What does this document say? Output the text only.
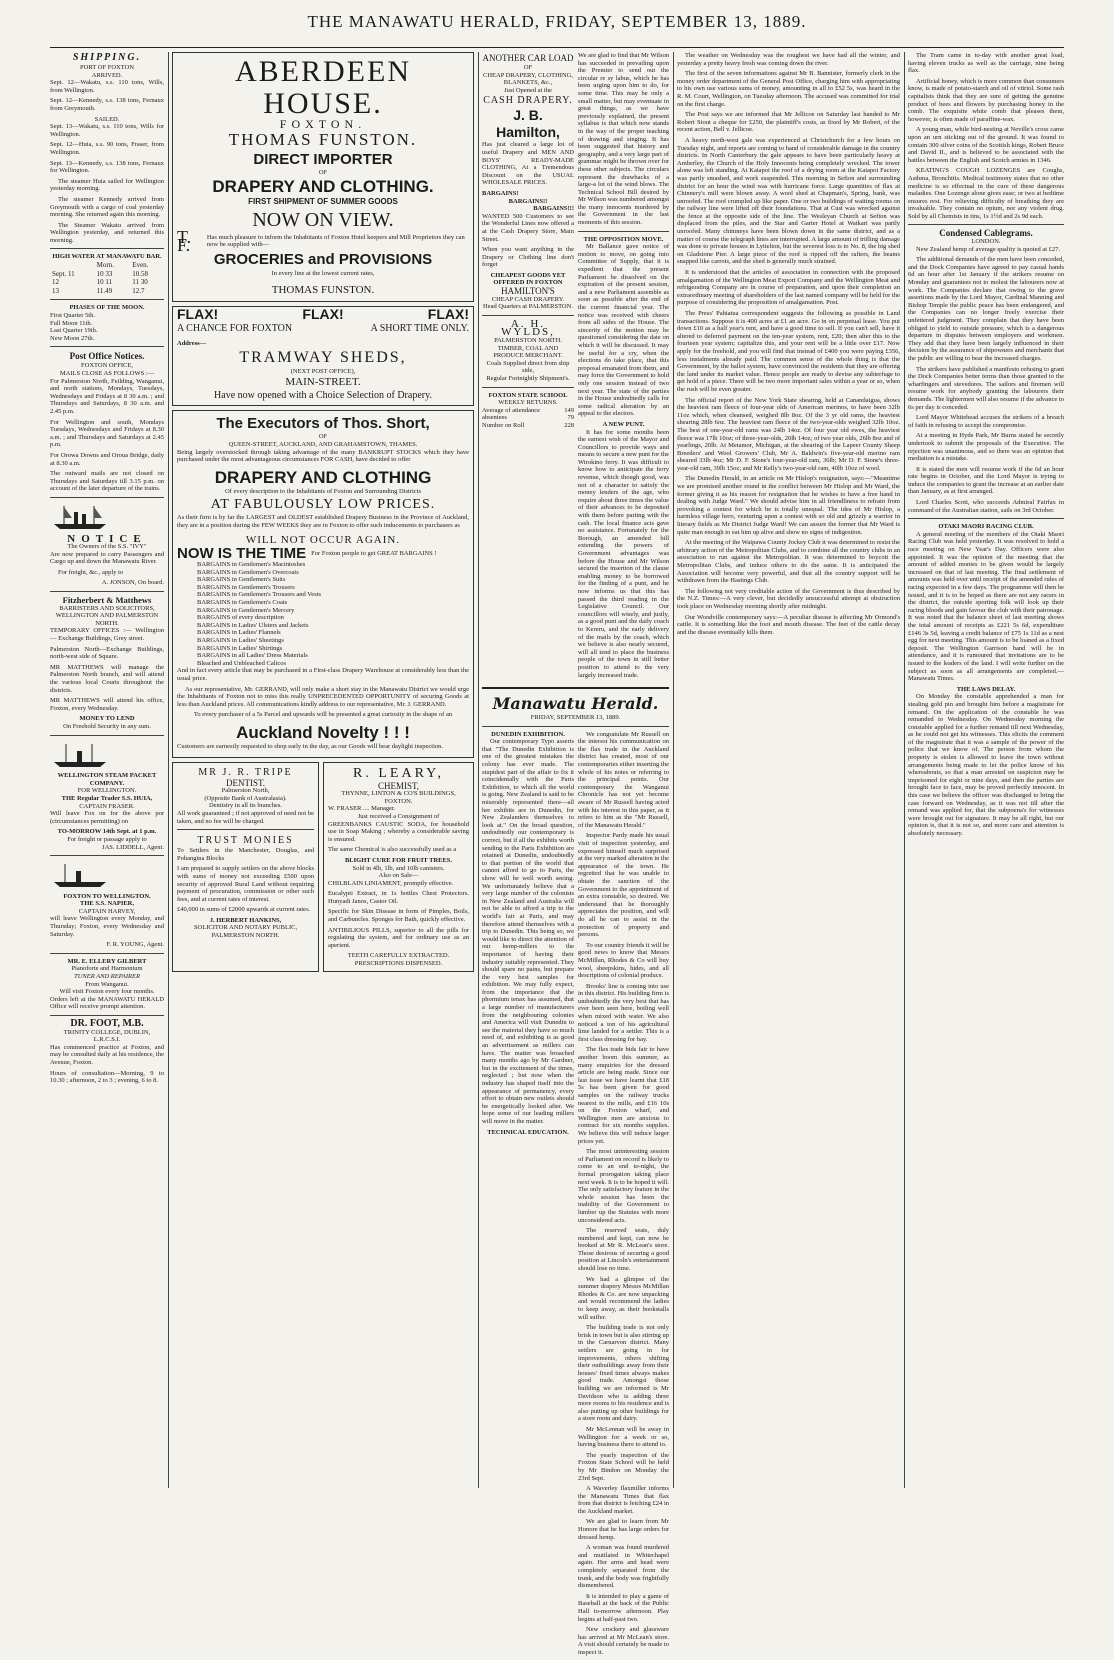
THE MANAWATU HERALD, FRIDAY, SEPTEMBER 13, 1889.
SHIPPING.
PORT OF FOXTON
ARRIVED.

Sept. 12—Wakatu, s.s. 110 tons, Wills, from Wellington.

Sept. 12—Kennedy, s.s. 138 tons, Fernaux from Greymouth.

SAILED.

Sept. 13—Wakatu, s.s. 110 tons, Wills for Wellington.

Sept. 12—Huia, s.s. 90 tons, Fraser, from Wellington.

Sept. 13—Kennedy, s.s. 138 tons, Fernaux for Wellington.

The steamer Huia sailed for Wellington yesterday morning.

The steamer Kennedy arrived from Greymouth with a cargo of coal yesterday morning. She returned again this morning.

The Steamer Wakatu arrived from Wellington yesterday, and returned this morning.

HIGH WATER AT MANAWATU BAR.
	Morn.	Even.
Sept. 11	10 33	10.58
12	10 11	11 30
13	11.49	12.7
PHASES OF THE MOON.
First Quarter 5th.
Full Moon 11th.
Last Quarter 19th.
New Moon 27th.
Post Office Notices.
FOXTON OFFICE,
MAILS CLOSE AS FOLLOWS :—

For Palmerston North, Feilding, Wanganui, and north stations, Mondays, Tuesdays, Wednesdays and Fridays at 8 30 a.m. ; and Thursdays and Saturdays, 8 30 a.m. and 2.45 p.m.

For Wellington and south, Mondays Tuesdays, Wednesdays and Fridays at 8.30 a.m. ; and Thursdays and Saturdays at 2.45 p.m.

For Orowa Downs and Oroua Bridge, daily at 8.30 a.m.

The outward mails are not closed on Thursdays and Saturdays till 3.15 p.m. on account of the later departure of the trains.

NOTICE
The Owners of the S.S. "IVY"

Are now prepared to carry Passengers and Cargo up and down the Manawatu River.

For freight, &c., apply to

A. JONSON, On board.
Fitzherbert & Matthews
BARRISTERS AND SOLICITORS,
WELLINGTON AND PALMERSTON NORTH.

TEMPORARY OFFICES :— Wellington — Exchange Buildings, Grey street.

Palmerston North—Exchange Buildings, north-west side of Square.

MR MATTHEWS will manage the Palmerston North branch, and will attend the various local Courts throughout the districts.

MR MATTHEWS will attend his office, Foxton, every Wednesday.

MONEY TO LEND
On Freehold Security in any sum.
WELLINGTON STEAM PACKET COMPANY.
FOR WELLINGTON.
THE Regular Trader S.S. HUIA,
CAPTAIN FRASER.

Will leave Fox on for the above por (circumstances permitting) on

TO-MORROW 14th Sept. at 1 p.m.
For freight or passage apply to
JAS. LIDDELL, Agent.
FOXTON TO WELLINGTON.
THE S.S. NAPIER,
CAPTAIN HARVEY,

will leave Wellington every Monday, and Thursday; Foxton, every Wednesday and Saturday.

F. R. YOUNG, Agent.
MR. E. ELLERY GILBERT
Pianoforte and Harmonium
TUNER AND REPAIRER
From Wanganui.
Will visit Foxton every four months.

Orders left at the MANAWATU HERALD Office will receive prompt attention.

DR. FOOT, M.B.
TRINITY COLLEGE, DUBLIN, L.R.C.S.I.

Has commenced practice at Foxton, and may be consulted daily at his residence, the Avenue, Foxton.

Hours of consultation—Morning, 9 to 10.30 ; afternoon, 2 to 3 ; evening, 6 to 8.

ABERDEEN HOUSE.
FOXTON.
THOMAS FUNSTON.
DIRECT IMPORTER
OF
DRAPERY AND CLOTHING.
FIRST SHIPMENT OF SUMMER GOODS
NOW ON VIEW.
T. F.	Has much pleasure to inform the Inhabitants of Foxton Hotel keepers and Mill Proprietors they can now be supplied with—
GROCERIES and PROVISIONS
In every line at the lowest current rates,
THOMAS FUNSTON.
FLAX!	FLAX!	FLAX!
A CHANCE FOR FOXTON	A SHORT TIME ONLY.
Address—
TRAMWAY SHEDS,
(NEXT POST OFFICE),
MAIN-STREET.
Have now opened with a Choice Selection of Drapery.
The Executors of Thos. Short,
OF
QUEEN-STREET, AUCKLAND, AND GRAHAMSTOWN, THAMES.

Being largely overstocked through taking advantage of the many BANKRUPT STOCKS which they have purchased under the most advantageous circumstances FOR CASH, have decided to offer

DRAPERY AND CLOTHING
Of every description to the Inhabitants of Foxton and Surrounding Districts
AT FABULOUSLY LOW PRICES.

As their firm is by far the LARGEST and OLDEST established Drapery Business in the Province of Auckland, they are in a position during the FEW WEEKS they are in Foxton to offer such inducements to purchasers as

WILL NOT OCCUR AGAIN.
NOW IS THE TIME For Foxton people to get GREAT BARGAINS !
BARGAINS in Gentlemen's Macintoshes
BARGAINS in Gentlemen's Overcoats
BARGAINS in Gentlemen's Suits
BARGAINS in Gentlemen's Trousers
BARGAINS in Gentlemen's Trousers and Vests
BARGAINS in Gentlemen's Coats
BARGAINS in Gentlemen's Mercery
BARGAINS of every description
BARGAINS in Ladies' Ulsters and Jackets
BARGAINS in Ladies' Flannels
BARGAINS in Ladies' Sheetings
BARGAINS in Ladies' Shirtings
BARGAINS in all Ladies' Dress Materials
Bleached and Unbleached Calicos

And in fact every article that may be purchased in a First-class Drapery Warehouse at considerably less than the usual price.

As our representative, Mr. GERRAND, will only make a short stay in the Manawatu District we would urge the Inhabitants of Foxton not to miss this really UNPRECEDENTED OPPORTUNITY of securing Goods at less than Auckland prices. All communications kindly address to our representative, Mr. J. GERRAND.

To every purchaser of a 5s Parcel and upwards will be presented a great curiosity in the shape of an

Auckland Novelty ! ! !

Customers are earnestly requested to shop early in the day, as our Goods will bear daylight inspection.

MR J. R. TRIPE
DENTIST.
Palmerston North,
(Opposite Bank of Australasia).
Dentistry in all its branches.

All work guaranteed ; if not approved of need not be taken, and no fee will be charged.

TRUST MONIES

To Settlers in the Manchester, Douglas, and Pohangina Blocks

I am prepared to supply settlers on the above blocks with sums of money not exceeding £500 upon security of approved Rural Land without requiring payment of procuration, commission or other such fees, and at current rates of interest.

£40,000 in sums of £2000 upwards at current rates.

J. HERBERT HANKINS,
SOLICITOR AND NOTARY PUBLIC,
PALMERSTON NORTH.
R. LEARY,
CHEMIST,
THYNNE, LINTON & CO'S BUILDINGS, FOXTON.
W. FRASER .... Manager.
Just received a Consignment of

GREENBANKS CAUSTIC SODA, for household use in Soap Making ; whereby a considerable saving is ensured.

The same Chemical is also successfully used as a

BLIGHT CURE FOR FRUIT TREES.
Sold in 4lb, 1lb, and 10lb canisters.
Also on Sale—

CHILBLAIN LINIAMENT, promptly effective.

Eucalypti Extract, in 1s bottles Chest Protectors. Hunyadi Janos, Castor Oil.

Specific for Skin Disease in form of Pimples, Boils, and Carbuncles. Sponges for Bath, quickly effective.

ANTIBILIOUS PILLS, superior to all the pills for regulating the system, and for ordinary use as an aperient.

TEETH CAREFULLY EXTRACTED.
PRESCRIPTIONS DISPENSED.
ANOTHER CAR LOAD
OF
CHEAP DRAPERY, CLOTHING, BLANKETS, &c.,
Just Opened at the
CASH DRAPERY.
J. B. Hamilton,

Has just cleared a large lot of useful Drapery and MEN AND BOYS' READY-MADE CLOTHING, At a Tremendous Discount on the USUAL WHOLESALE PRICES.

BARGAINS!
BARGAINS!!
BARGAINS!!!

WANTED 500 Customers to see the Wonderful Lines now offered a at the Cash Drapery Store, Main Street.

When you want anything in the Drapery or Clothing line don't forget

CHEAPEST GOODS YET OFFERED IN FOXTON
HAMILTON'S
CHEAP CASH DRAPERY.
Head Quarters at PALMERSTON.
A. H. WYLDS,
PALMERSTON NORTH.
TIMBER, COAL AND PRODUCE MERCHANT.
Coals Supplied direct from ship side,
Regular Fortnightly Shipment's.
FOXTON STATE SCHOOL
WEEKLY RETURNS.
Average of attendance	149
absentees	79
Number on Roll	228

We are glad to find that Mr Wilson has succeeded in prevailing upon the Premier to send out the circular re sy labus, which he has been urging upon him to do, for some time. This may be only a small matter, but may eventuate in great things, as we have previously explained, the present syllabus is that which now stands in the way of the proper teaching of drawing and singing. It has been suggested that history and geography, and a very large part of grammar might be thrown over for these other subjects. The circulars represent the drawbacks of a large-a lot of the wind blows. The Technical School Bill desired by Mr Wilson was numbered amongst the many innocents murdered by the Government in the last moments of this session.

THE OPPOSITION MOVE.

Mr Ballance gave notice of motion to move, on going into Committee of Supply, that it is expedient that the present Parliament be dissolved on the expiration of the present session, and a new Parliament assemble as soon as possible after the end of the current financial year. The notice was received with cheers from all sides of the House. The sincerity of the motion may be questioned considering the date on which it will be discussed. It may be useful for a cry, when the elections do take place, that this proposal emanated from them, and may force the Government to hold only one session instead of two next year. The state of the parties in the House undoubtedly calls for some radical alteration by an appeal to the electors.

A NEW PUNT.

It has for some months been the earnest wish of the Mayor and Councillors to provide ways and means to secure a new punt for the Wirokino ferry. It was difficult to know how to anticipate the ferry revenue, which though good, was not of a character to satisfy the money lenders of the age, who require about three times the value of their advances to be deposited with them before parting with the cash. The local finance acts gave no assistance. Fortunately for the Borough, an amended bill extending the powers of Government advantages was before the House and Mr Wilson secured the insertion of the clause enabling money to be borrowed for the finding of a punt, and he now informs us that this has passed the third reading in the Legislative Council. Our councillors will wisely, and justly, as a good punt and the daily coach to Kereru, and the early delivery of the mails by the coach, which we believe is also nearly secured, will all tend to place the business people of the town in still better position to attend to the very largely increased trade.

Manawatu Herald.
FRIDAY, SEPTEMBER 13, 1889.
DUNEDIN EXHIBITION.

Our contemporary Typo asserts that "The Dunedin Exhibition is one of the greatest mistakes the colony has ever made. The stupidest part of the affair to fix it coincidentally with the Paris Exhibition, to which all the world is going. New Zealand is said to be miserably represented there—all her exhibits are in Dunedin, for New Zealanders themselves to look at." On the broad question, undoubtedly our contemporary is correct, but if all the exhibits worth sending to the Paris Exhibition are retained at Dunedin, undoubtedly to that portion of the world that cannot afford to go to Paris, the show will be well worth seeing. We unfortunately believe that a very large number of the colonists in New Zealand and Australia will not be able to afford a trip to the world's fair at Paris, and may therefore attend themselves with a trip to Dunedin. This being so, we would like to direct the attention of our hemp-millers to the importance of having their industry suitably represented. They should spare no pains, but prepare the very best samples for exhibition. We may fully expect, from the importance that the phormium tenax has assumed, that a large number of manufacturers from the neighbouring colonies and America will visit Dunedin to see the material they have so much need of, and exhibiting is as good an advertisement as millers can have. The matter was broached many months ago by Mr Gardner, but in the excitement of the times, neglected ; but now when the industry has shaped itself into the appearance of permanency, every effort to obtain new outlets should be energetically looked after. We hope some of our leading millers will move in the matter.

TECHNICAL EDUCATION.

We congratulate Mr Russell on the interest his communication on the flax trade in the Auckland district has created, most of our contemporaries either inserting the whole of his notes or referring to the principal points. Our contemporary the Wanganui Chronicle has not yet become aware of Mr Russell having acted with his interest in this paper, as it refers to him as the "Mr Russell, of the Manawatu Herald."

Inspector Pardy made his usual visit of inspection yesterday, and expressed himself much surprised at the very marked alteration in the appearance of the town. He regretted that he was unable to obtain the sanction of the Government to the appointment of an extra constable, so desired. We understand that he thoroughly appreciates the position, and will do all he can to assist in the protection of property and persons.

To our country friends it will be good news to know that Messrs McMillan, Rhodes & Co will buy wool, sheepskins, hides, and all descriptions of colonial produce.

Brooks' line is coming into use in this district. His building firm is undoubtedly the very best that has ever been seen here, boiling well when mixed with water. We also noticed a ton of his agricultural lime landed for a settler. This is a first class dressing for bay.

The flax trade bids fair to have another boom this summer, as many enquiries for the dressed article are being made. Since our last issue we have learnt that £18 5s has been given for good samples on the railway trucks nearest to the mills, and £16 10s on the Foxton wharf, and Wellington men are anxious to contract for six months supplies. We believe this will induce larger prices yet.

The most uninteresting session of Parliament on record is likely to come to an end to-night, the formal prorogation taking place next week. It is to be hoped it will. The only satisfactory feature in the whole session has been the inability of the Government to lumber up the Statutes with more unconsidered acts.

The reserved seats, duly numbered and kept, can now be booked at Mr R. McLean's store. Those desirous of securing a good position at Lincoln's entertainment should lose no time.

We had a glimpse of the summer drapery Messrs McMillan Rhodes & Co. are now unpacking and would recommend the ladies to keep away, as their bookstalls will suffer.

The building trade is not only brisk in town but is also stirring up in the Carnarvon district. Many settlers are going in for improvements, others shifting their outbuildings away from their houses' fixed times always makes good trade. Amongst those building we are informed is Mr Davidson who is adding three more rooms to his residence and is also putting up other buildings for a store room and dairy.

Mr McLennan will be away in Wellington for a week or so, having business there to attend to.

The yearly inspection of the Foxton State School will be held by Mr Bindon on Monday the 23rd Sept.

A Waverley flaxmiller informs the Manawatu Times that flax from that district is fetching £24 in the Auckland market.

We are glad to learn from Mr Honore that he has large orders for dressed hemp.

A woman was found murdered and mutilated in Whitechapel again. Her arms and head were completely separated from the trunk, and the body was frightfully dismembered.

It is intended to play a game of Baseball at the back of the Public Hall to-morrow afternoon. Play begins at half-past two.

New crockery and glassware has arrived at Mr McLean's store. A visit should certainly be made to inspect it.

The weather on Wednesday was the roughest we have had all the winter, and yesterday a pretty heavy fresh was coming down the river.

The first of the seven informations against Mr B. Bannister, formerly clerk in the money order department of the General Post Office, charging him with appropriating to his own use various sums of money, amounting in all to £52 5s, was heard in the R. M. Court, Wellington, on Tuesday afternoon. The accused was committed for trial on the first charge.

The Post says we are informed that Mr Jellicoe on Saturday last handed to Mr Robert Stout a cheque for £250, the plaintiff's costs, as fixed by Mr Robert, of the recent action, Bell v. Jellicoe.

A heavy north-west gale was experienced at Christchurch for a few hours on Tuesday night, and reports are coming to hand of considerable damage in the country districts. In North Canterbury the gale appears to have been particularly heavy at Amberley, the Church of the Holy Innocents being completely wrecked. The tower alone was left standing. At Kaiapoi the roof of a drying room at the Kaiapoi Factory was partly smashed, and work suspended. This morning in Sefton and surrounding district for an hour the wind was with hurricane force. Large quantities of flax at Chinnery's mill were blown away. A wool shed at Chapman's, Spring, bank, was unroofed. The roof crumpled up like paper. One or two buildings of waiting rooms on the railway line were lifted off their foundations. That at Cust was wrecked against the fence at the opposite side of the line. The Wesleyan Church at Sefton was displaced from the piles, and the Star and Garter Hotel at Waikari was partly unroofed. Many chimneys have been blown down in the same district, and as a matter of course the telegraph lines are interrupted. A large amount of trifling damage was done to private houses in Lyttelton, but the severest loss is to No. 8, the big shed on Gladstone Pier. A large piece of the roof is ripped off the rafters, the beams snapped like carrots, and the shed is generally much strained.

It is understood that the articles of association in connection with the proposed amalgamation of the Wellington Meat Export Company and the Wellington Meat and refrigerating Company are in course of preparation, and upon their completion an extraordinary meeting of shareholders of the last named company will be held for the purpose of considering the proposition of amalgamation. Post.

The Press' Pahiatua correspondent suggests the following as possible in Land transactions. Suppose it is 400 acres at £1 an acre. Go in on perpetual lease. You put down £10 as a half year's rent, and have a good time to sell. If you can't sell, have it altered to deferred payment on the ten-year system, rent, £20; then alter this to the fourteen year system; capitalize this, and your rent will be a little over £17. Now apply for the freehold, and you will find that instead of £400 you were paying £356, less instalments already paid. The common sense of the whole thing is that the Government, by the ballot system, have convinced the residents that they are offering the land under its market value. Hence people are ready to devise any subterfuge to get hold of a piece. There will be two more important sales within a year or so, when the rush will be even greater.

The official report of the New York State shearing, held at Canandaigua, shows the heaviest ram fleece of four-year olds of American merinos, to have been 32lb 11oz which, when cleansed, weighed 8lb 8oz. Of the 3 yr old rams, the heaviest shearing 28lb 6oz. The heaviest ram fleece of the two-year-olds weighed 32lb 10oz. The best of one-year-old rams was 24lb 14oz. Of four year old ewes, the heaviest fleece was 17lb 10oz; of three-year-olds, 20lb 14oz; of two year olds, 26lb 8oz and of yearlings, 20lb. At Metamor, Michigan, at the shearing of the Lapeer County Sheep Breeders' and Wool Growers' Club, Mr A. Baldwin's five-year-old merino ram sheared 33lb 4oz; Mr D. F. Stone's four-year-old ram, 36lb; Mr D. F. Stone's three-year-old ram, 39lb 15oz; and Mr Kelly's two-year-old ram, 40lb 10oz of wool.

The Dunedin Herald, in an article on Mr Hislop's resignation, says:—"Meantime we are promised another round in the conflict between Mr Hislop and Mr Ward, the former giving it as his reason for resignation that he wishes to have a free hand in dealing with Judge Ward." We should advise him in all friendliness to refrain from provoking a contest for which he is totally unequal. The idea of Mr Hislop, a harmless village hero, venturing upon a contest with so old and grizzly a warrior in literary fields as Mr District Judge Ward! We can assure the former that Mr Ward is quite man enough to eat him up alive and show no signs of indigestion.

At the meeting of the Waipawa County Jockey Club it was determined to resist the arbitrary action of the Metropolitan Clubs, and to combine all the country clubs in an association to run against the Metropolitan. It was determined to boycott the Metropolitan Clubs, and induce others to do the same. It is anticipated the Association will become very powerful, and that all the country support will be withdrawn from the Hastings Club.

The following not very creditable action of the Government is thus described by the N.Z. Times:—A very clever, but decidedly unsuccessful attempt at obstruction took place on Wednesday morning shortly after midnight.

Our Woodville contemporary says:—A peculiar disease is affecting Mr Ormond's cattle. It is something like the foot and mouth disease. The feet of the cattle decay and the disease eventually kills them.

The Tram came in to-day with another great load, having eleven trucks as well as the carriage, nine being flax.

Artificial honey, which is more common than consumers know, is made of potato-starch and oil of vitriol. Some rash capitalists think that they are sure of getting the genuine product of bees and flowers by purchasing honey in the comb. The exquisite white comb that pleases them, however, is often made of paraffine-wax.

A young man, while bird-nesting at Neville's cross came upon an urn sticking out of the ground. It was found to contain 300 silver coins of the Scottish kings, Robert Bruce and David II., and is believed to be associated with the battles between the English and Scotch armies in 1346.

KEATING'S COUGH LOZENGES are Coughs, Asthma, Bronchitis. Medical testimony states that no other medicine is so effectual in the cure of these dangerous maladies. One Lozenge alone gives ease; or two at bedtime ensures rest. For relieving difficulty of breathing they are invaluable. They contain no opium, nor any violent drug. Sold by all Chemists in tins, 1s 1½d and 2s 9d each.

Condensed Cablegrams.
LONDON.

New Zealand hemp of average quality is quoted at £27.

The additional demands of the men have been conceded, and the Dock Companies have agreed to pay casual hands 6d an hour after 1st January if the strikers resume on Monday and guarantees not to molest the labourers now at work. The Companies declare that owing to the grave assertions made by the Lord Mayor, Cardinal Manning and Bishop Temple the public peace has been endangered, and the Companies can no longer freely exercise their unfettered judgment. They complain that they have been obliged to yield to outside pressure, which is a dangerous departure in disputes between employers and workmen. They add that they have been largely influenced in their decision by the assurance of shipowners and merchants that the public are willing to bear the increased charges.

The strikers have published a manifesto refusing to grant the Dock Companies better terms than those granted to the wharfingers and stevedores. The sailors and firemen will resume work for anybody granting the labourers their demands. The lightermen will also resume if the advance to 6s per day is conceded.

Lord Mayor Whitehead accuses the strikers of a breach of faith in refusing to accept the compromise.

At a meeting in Hyde Park, Mr Burns stated he secretly undertook to submit the proposals of the Executive. The rejection was unanimous, and so there was an opinion that mediation is a mistake.

It is stated the men will resume work if the 6d an hour rate begins in October, and the Lord Mayor is trying to induce the companies to grant the increase at an earlier date than January, as at first arranged.

Lord Charles Scott, who succeeds Admiral Fairfax in command of the Australian station, sails on 3rd October.

OTAKI MAORI RACING CLUB.

A general meeting of the members of the Otaki Maori Racing Club was held yesterday. It was resolved to hold a race meeting on New Year's Day. Officers were also appointed. It was the opinion of the meeting that the amount of added monies to be given would be largely increased on that of last meeting. The final settlement of amounts was held over until receipt of the amended rules of racing expected in a few days. The programme will then be issued, and it is to be hoped as there are not any racers in the district, the outside sporting folk will look up their racing bloods and gain favour the club with their patronage. It was noted that the balance sheet of last meeting shows the total amount of receipts as £221 5s 6d, expenditure £146 3s 5d, leaving a credit balance of £75 1s 11d as a nest egg for next meeting. This amount is to be loaned as a fixed deposit. The Wellington Garrison band will be in attendance, and it is rumoured that invitations are to be issued to the leaders of the land. I will write further on the subject as soon as all arrangements are completed.—Manawatu Times.

THE LAWS DELAY.

On Monday the constable apprehended a man for stealing gold pin and brought him before a magistrate for remand. On the application of the constable he was remanded to Wednesday. On Wednesday morning the constable applied for a further remand till next Wednesday, as he could not get his witnesses. This elicits the comment of the magistrate that it was a sample of the power of the police that we know of. The person from whom the property is stolen is allowed to leave the town without arrangements being made to let the police know of his whereabouts, so that a man arrested on suspicion may be imprisoned for eight or nine days, and then the parties are brought face to face, may be proved perfectly innocent. In this case we believe the officer was discharged to bring the case forward on Wednesday, as it was not till after the remand was applied for, that the subpoena's for witnesses were brought out for signature. It may be all right, but our opinion is, that it is not so, and more care and attention is absolutely necessary.
